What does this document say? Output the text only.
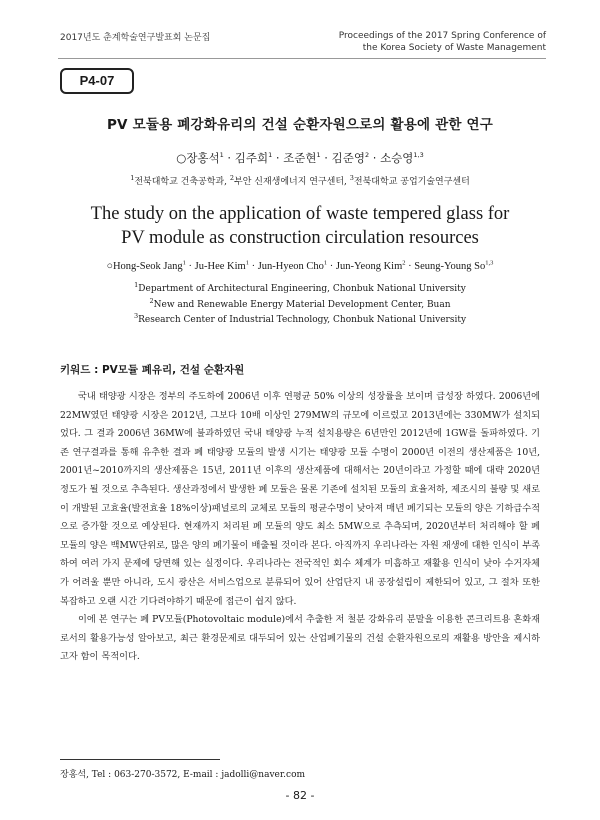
2017년도 춘계학술연구발표회 논문집	Proceedings of the 2017 Spring Conference of
the Korea Society of Waste Management
P4-07
PV 모듈용 폐강화유리의 건설 순환자원으로의 활용에 관한 연구
○장홍석$^1$ · 김주희$^1$ · 조준현$^1$ · 김준영$^2$ · 소승영$^{1,3}$
$^1$전북대학교 건축공학과, $^2$부안 신재생에너지 연구센터, $^3$전북대학교 공업기술연구센터
The study on the application of waste tempered glass for
PV module as construction circulation resources
○Hong-Seok Jang$^1$ · Ju-Hee Kim$^1$ · Jun-Hyeon Cho$^1$ · Jun-Yeong Kim$^2$ · Seung-Young So$^{1,3}$
$^1$Department of Architectural Engineering, Chonbuk National University
$^2$New and Renewable Energy Material Development Center, Buan
$^3$Research Center of Industrial Technology, Chonbuk National University
키워드 : PV모듈 폐유리, 건설 순환자원

국내 태양광 시장은 정부의 주도하에 2006년 이후 연평균 50% 이상의 성장률을 보이며 급성장 하였다. 2006년에 22MW였던 태양광 시장은 2012년, 그보다 10배 이상인 279MW의 규모에 이르렀고 2013년에는 330MW가 설치되었다. 그 결과 2006년 36MW에 불과하였던 국내 태양광 누적 설치용량은 6년만인 2012년에 1GW를 돌파하였다. 기존 연구결과를 통해 유추한 결과 폐 태양광 모듈의 발생 시기는 태양광 모듈 수명이 2000년 이전의 생산제품은 10년, 2001년~2010까지의 생산제품은 15년, 2011년 이후의 생산제품에 대해서는 20년이라고 가정할 때에 대략 2020년 정도가 될 것으로 추측된다. 생산과정에서 발생한 폐 모듈은 물론 기존에 설치된 모듈의 효율저하, 제조시의 불량 및 새로이 개발된 고효율(발전효율 18%이상)패널로의 교체로 모듈의 평균수명이 낮아져 매년 폐기되는 모듈의 양은 기하급수적으로 증가할 것으로 예상된다. 현재까지 처리된 폐 모듈의 양도 최소 5MW으로 추측되며, 2020년부터 처리해야 할 폐 모듈의 양은 백MW단위로, 많은 양의 폐기물이 배출될 것이라 본다. 아직까지 우리나라는 자원 재생에 대한 인식이 부족하여 여러 가지 문제에 당면해 있는 실정이다. 우리나라는 전국적인 회수 체계가 미흡하고 재활용 인식이 낮아 수거자체가 어려울 뿐만 아니라, 도시 광산은 서비스업으로 분류되어 있어 산업단지 내 공장설립이 제한되어 있고, 그 절차 또한 복잡하고 오랜 시간 기다려야하기 때문에 접근이 쉽지 않다.

이에 본 연구는 폐 PV모듈(Photovoltaic module)에서 추출한 저 철분 강화유리 분말을 이용한 콘크리트용 혼화재로서의 활용가능성 알아보고, 최근 환경문제로 대두되어 있는 산업폐기물의 건설 순환자원으로의 재활용 방안을 제시하고자 함이 목적이다.

장홍석, Tel : 063-270-3572, E-mail : jadolli@naver.com
- 82 -
